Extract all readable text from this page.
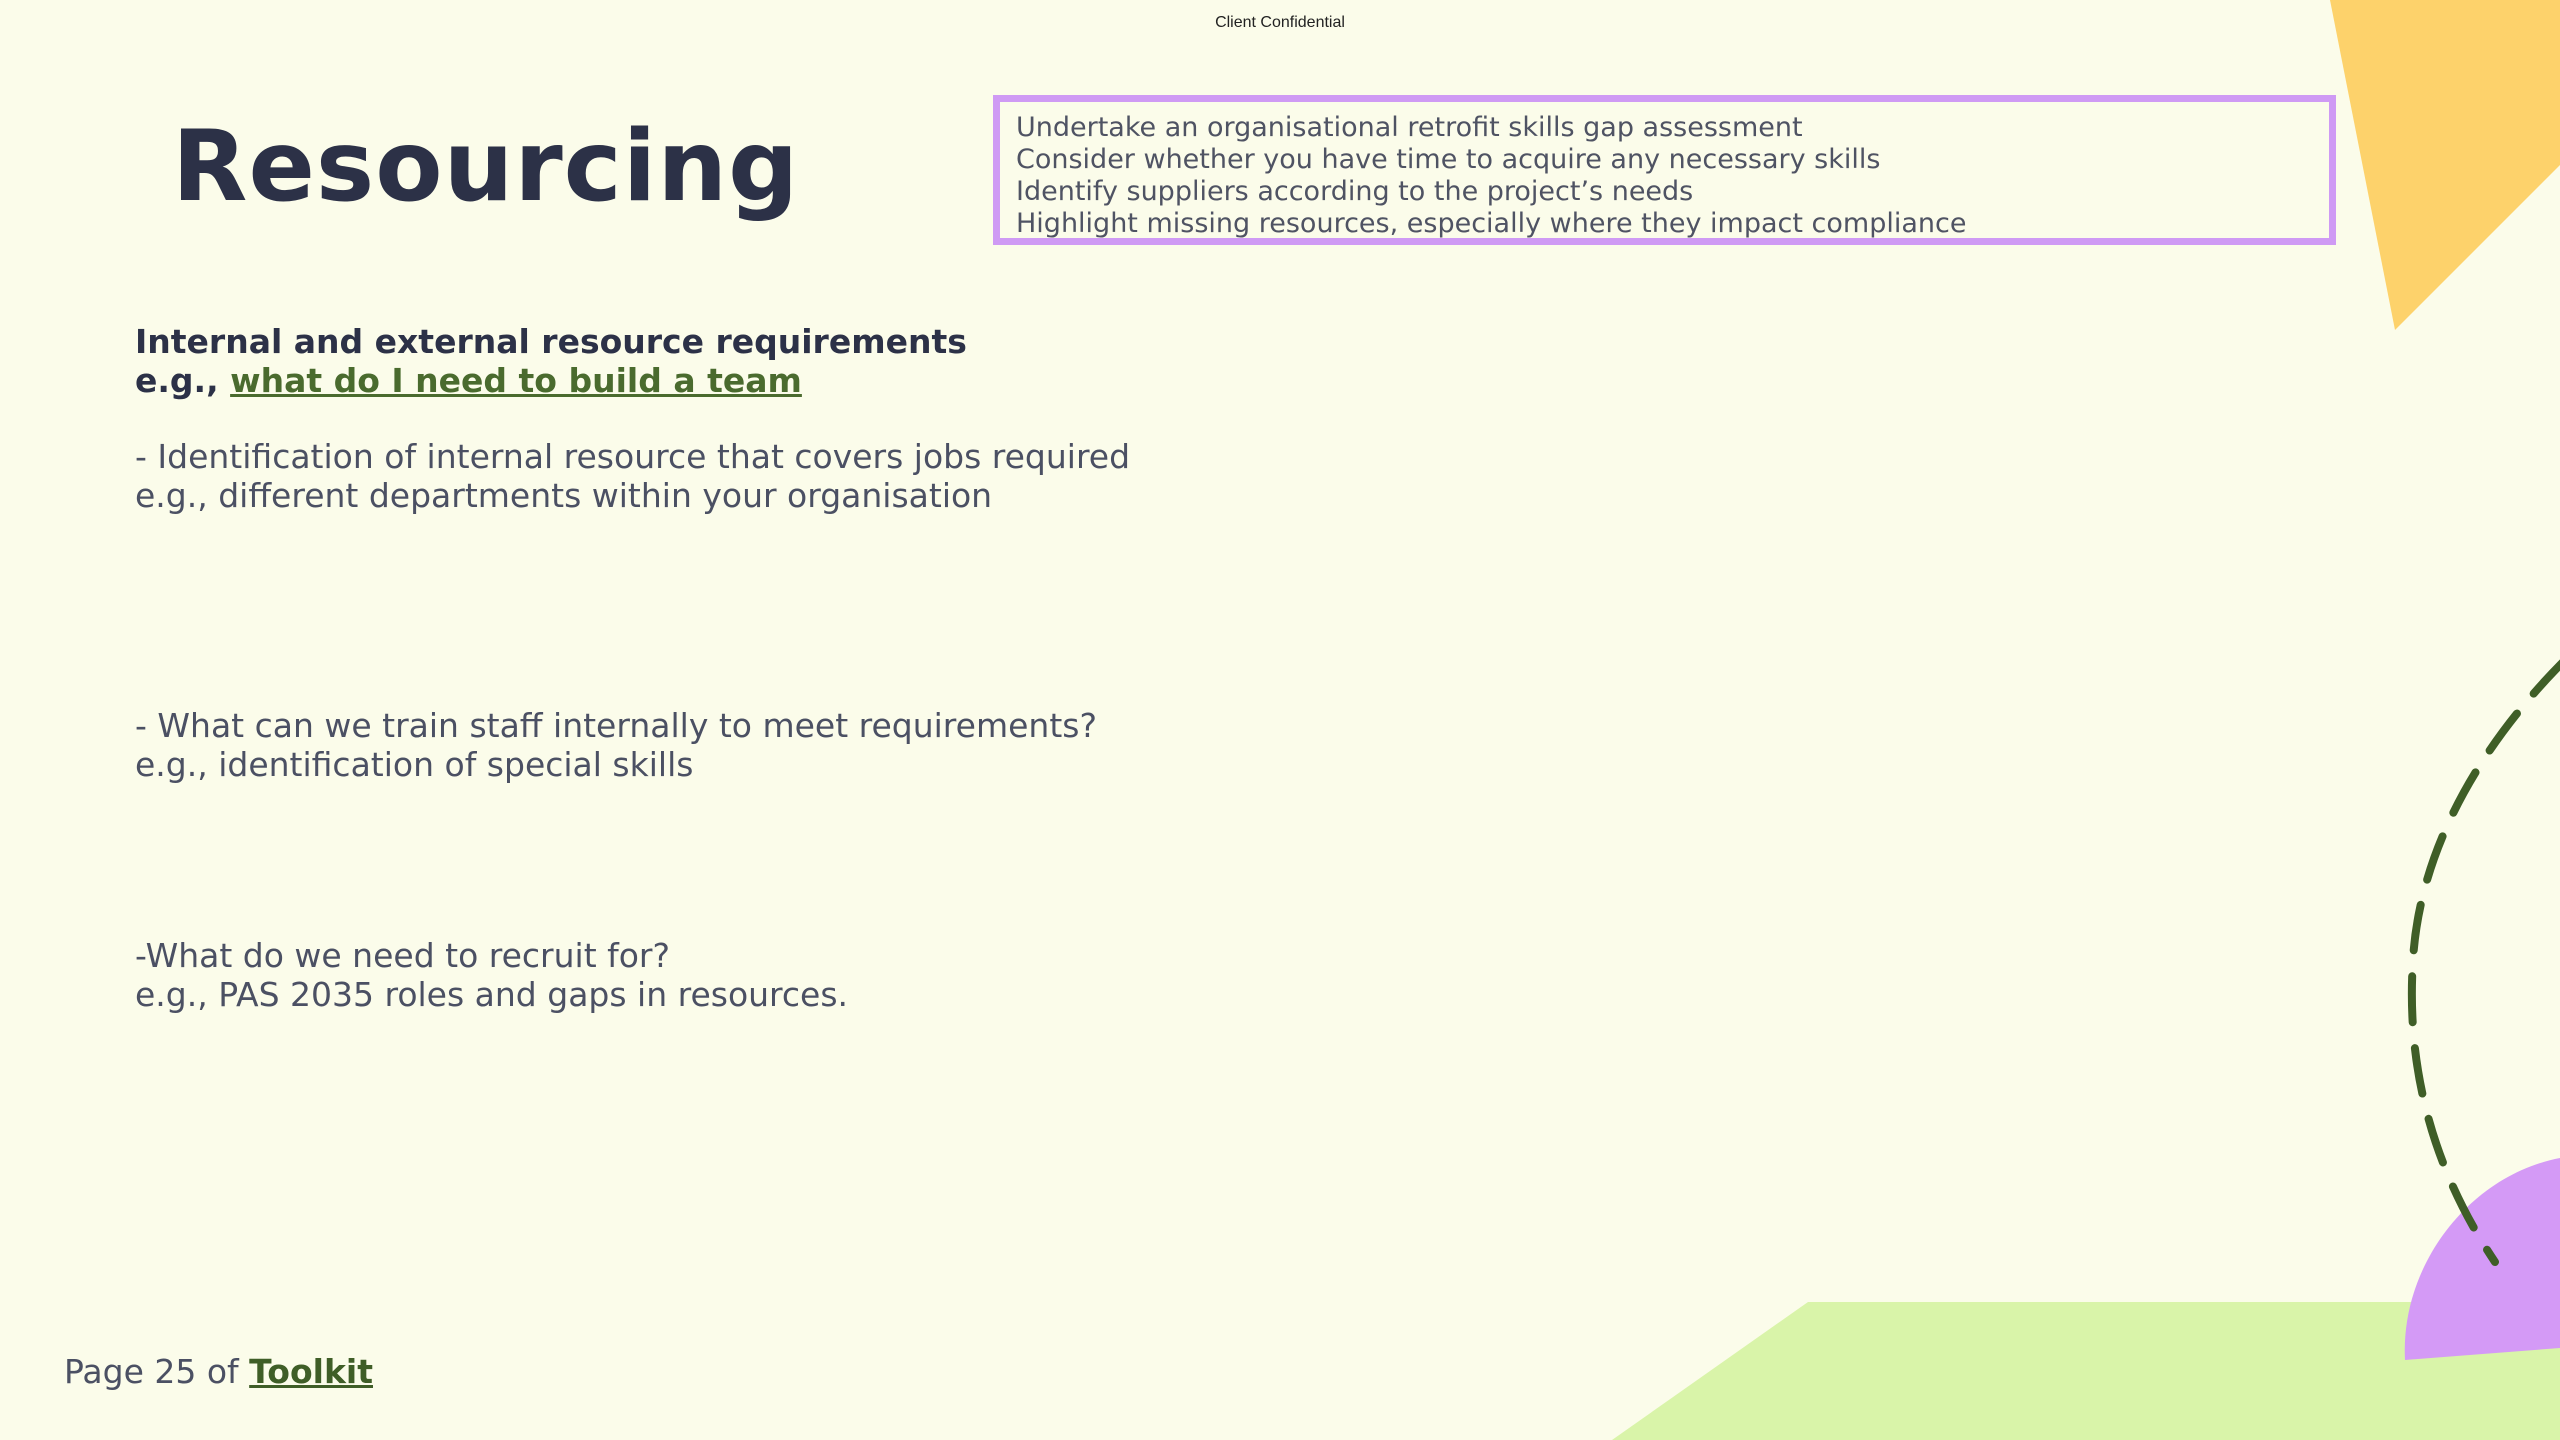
Client Confidential
Resourcing	Undertake an organisational retrofit skills gap assessment
Consider whether you have time to acquire any necessary skills
Identify suppliers according to the project’s needs
Highlight missing resources, especially where they impact compliance
Internal and external resource requirements
e.g., what do I need to build a team
- Identification of internal resource that covers jobs required
e.g., different departments within your organisation
- What can we train staff internally to meet requirements?
e.g., identification of special skills
-What do we need to recruit for?
e.g., PAS 2035 roles and gaps in resources.
Page 25 of Toolkit
